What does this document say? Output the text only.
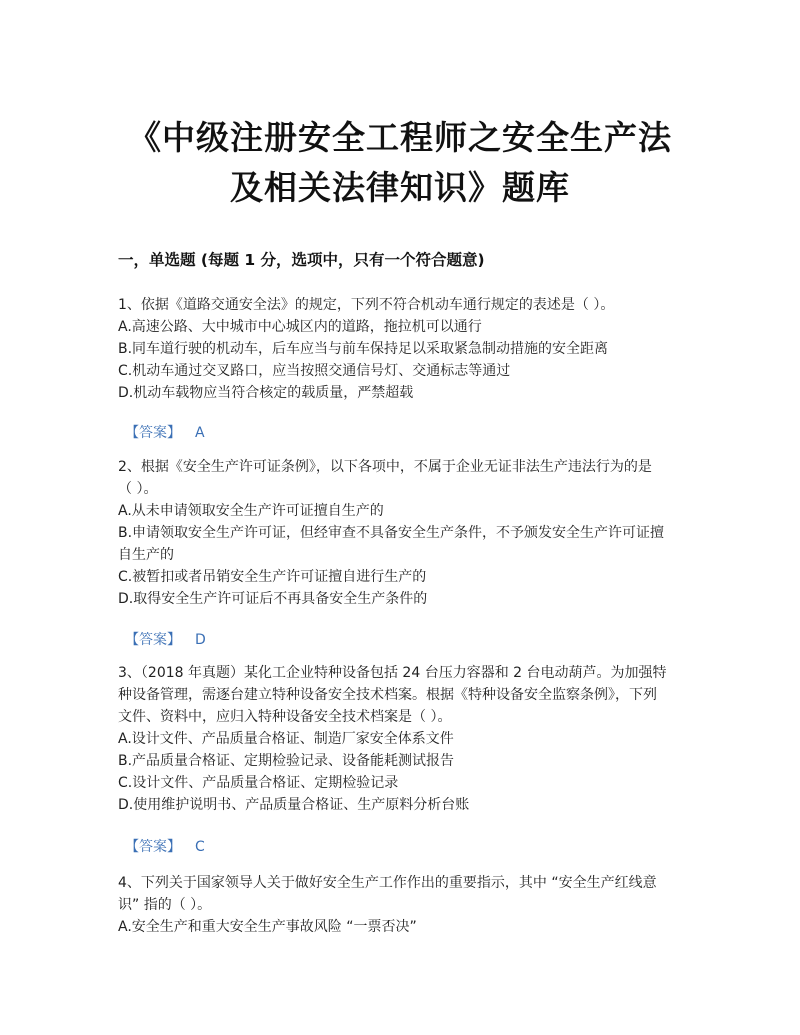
《中级注册安全工程师之安全生产法
及相关法律知识》题库
一，单选题 (每题 1 分，选项中，只有一个符合题意)

1、依据《道路交通安全法》的规定，下列不符合机动车通行规定的表述是（ ）。

A.高速公路、大中城市中心城区内的道路，拖拉机可以通行

B.同车道行驶的机动车，后车应当与前车保持足以采取紧急制动措施的安全距离

C.机动车通过交叉路口，应当按照交通信号灯、交通标志等通过

D.机动车载物应当符合核定的载质量，严禁超载

【答案】 A

2、根据《安全生产许可证条例》，以下各项中，不属于企业无证非法生产违法行为的是

（ ）。

A.从未申请领取安全生产许可证擅自生产的

B.申请领取安全生产许可证，但经审查不具备安全生产条件，不予颁发安全生产许可证擅

自生产的

C.被暂扣或者吊销安全生产许可证擅自进行生产的

D.取得安全生产许可证后不再具备安全生产条件的

【答案】 D

3、（2018 年真题）某化工企业特种设备包括 24 台压力容器和 2 台电动葫芦。为加强特

种设备管理，需逐台建立特种设备安全技术档案。根据《特种设备安全监察条例》，下列

文件、资料中，应归入特种设备安全技术档案是（ ）。

A.设计文件、产品质量合格证、制造厂家安全体系文件

B.产品质量合格证、定期检验记录、设备能耗测试报告

C.设计文件、产品质量合格证、定期检验记录

D.使用维护说明书、产品质量合格证、生产原料分析台账

【答案】 C

4、下列关于国家领导人关于做好安全生产工作作出的重要指示，其中 “安全生产红线意

识” 指的（ ）。

A.安全生产和重大安全生产事故风险 “一票否决”
